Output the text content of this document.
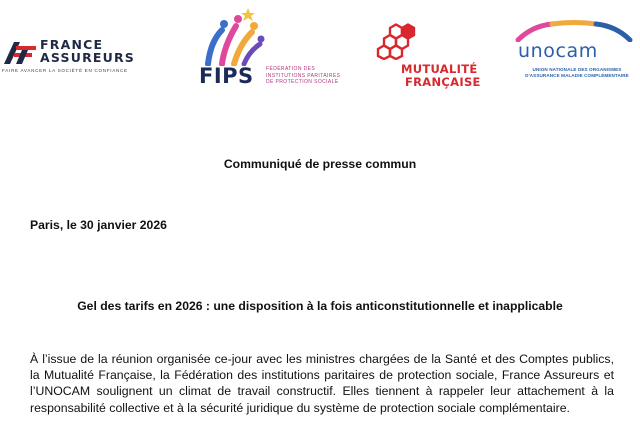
FRANCE
ASSUREURS
FAIRE AVANCER LA SOCIÉTÉ EN CONFIANCE	FIPS FÉDÉRATION DES
INSTITUTIONS PARITAIRES
DE PROTECTION SOCIALE
MUTUALITÉ
FRANÇAISE
unocam
UNION NATIONALE DES ORGANISMES
D'ASSURANCE MALADIE COMPLÉMENTAIRE
Communiqué de presse commun
Paris, le 30 janvier 2026
Gel des tarifs en 2026 : une disposition à la fois anticonstitutionnelle et inapplicable
À l’issue de la réunion organisée ce-jour avec les ministres chargées de la Santé et des Comptes publics, la Mutualité Française, la Fédération des institutions paritaires de protection sociale, France Assureurs et l’UNOCAM soulignent un climat de travail constructif. Elles tiennent à rappeler leur attachement à la responsabilité collective et à la sécurité juridique du système de protection sociale complémentaire.
